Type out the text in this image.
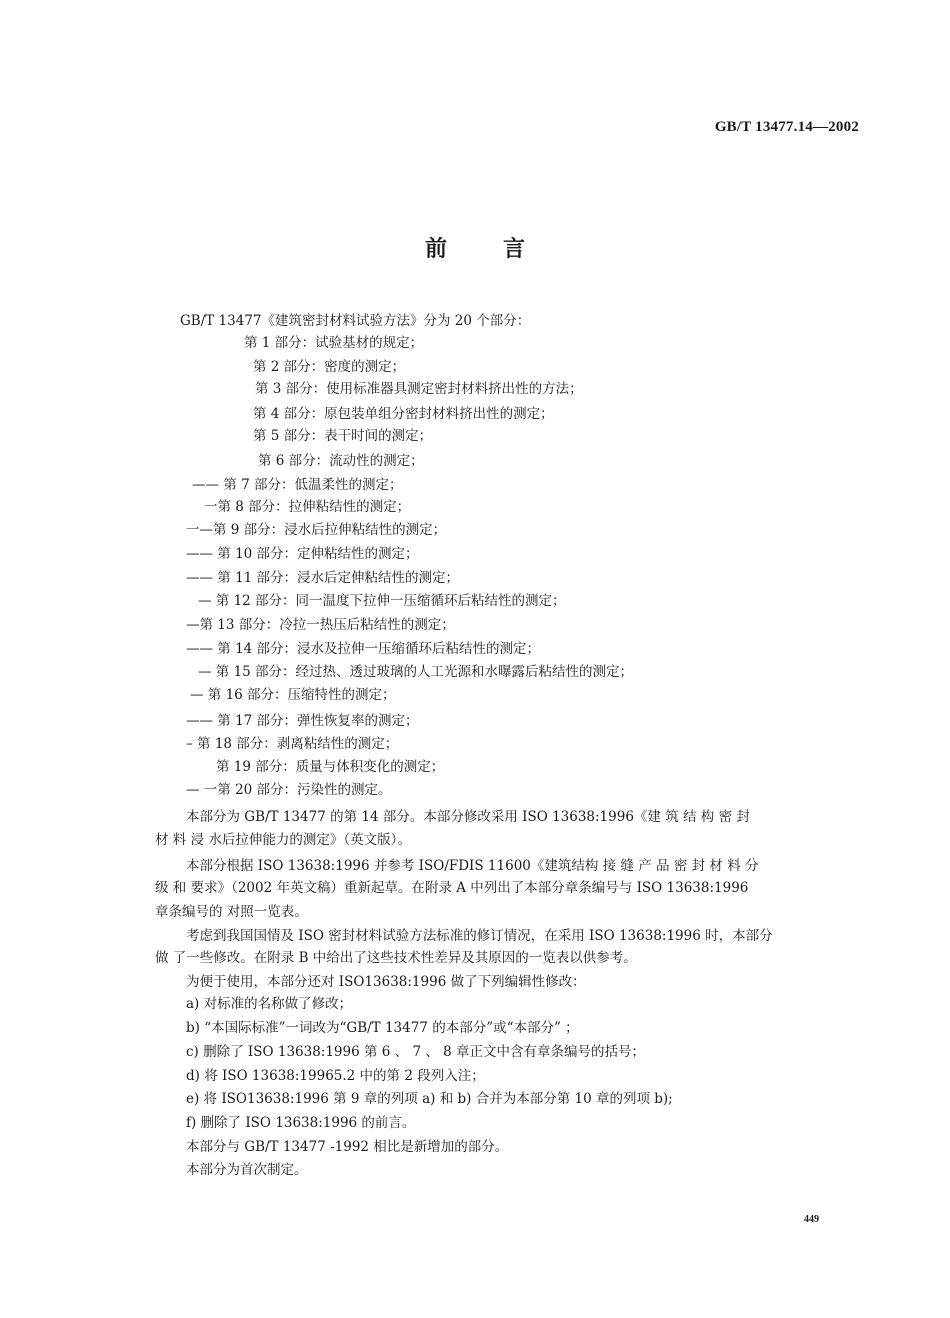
GB/T 13477.14—2002
前言
GB/T 13477《建筑密封材料试验方法》分为 20 个部分：
第 1 部分：试验基材的规定；
第 2 部分：密度的测定；
第 3 部分：使用标准器具测定密封材料挤出性的方法；
第 4 部分：原包装单组分密封材料挤出性的测定；
第 5 部分：表干时间的测定；
第 6 部分：流动性的测定；
—— 第 7 部分：低温柔性的测定；
一第 8 部分：拉伸粘结性的测定；
一—第 9 部分：浸水后拉伸粘结性的测定；
—— 第 10 部分：定伸粘结性的测定；
—— 第 11 部分：浸水后定伸粘结性的测定；
— 第 12 部分：同一温度下拉伸一压缩循环后粘结性的测定；
—第 13 部分：冷拉一热压后粘结性的测定；
—— 第 14 部分：浸水及拉伸一压缩循环后粘结性的测定；
— 第 15 部分：经过热、透过玻璃的人工光源和水曝露后粘结性的测定；
— 第 16 部分：压缩特性的测定；
—— 第 17 部分：弹性恢复率的测定；
– 第 18 部分：剥离粘结性的测定；
第 19 部分：质量与体积变化的测定；
— 一第 20 部分：污染性的测定。
本部分为 GB/T 13477 的第 14 部分。本部分修改采用 ISO 13638:1996《建 筑 结 构 密 封
材 料 浸 水后拉伸能力的测定》（英文版）。
本部分根据 ISO 13638:1996 并参考 ISO/FDIS 11600《建筑结构 接 缝 产 品 密 封 材 料 分
级 和 要求》（2002 年英文稿）重新起草。在附录 A 中列出了本部分章条编号与 ISO 13638:1996
章条编号的 对照一览表。
考虑到我国国情及 ISO 密封材料试验方法标准的修订情况，在采用 ISO 13638:1996 时，本部分
做 了一些修改。在附录 B 中给出了这些技术性差异及其原因的一览表以供参考。
为便于使用，本部分还对 ISO13638:1996 做了下列编辑性修改：
a) 对标准的名称做了修改；
b) “本国际标准”一词改为“GB/T 13477 的本部分”或“本部分” ；
c) 删除了 ISO 13638:1996 第 6 、 7 、 8 章正文中含有章条编号的括号；
d) 将 ISO 13638:19965.2 中的第 2 段列入注；
e) 将 ISO13638:1996 第 9 章的列项 a) 和 b) 合并为本部分第 10 章的列项 b);
f) 删除了 ISO 13638:1996 的前言。
本部分与 GB/T 13477 -1992 相比是新增加的部分。
本部分为首次制定。
449
